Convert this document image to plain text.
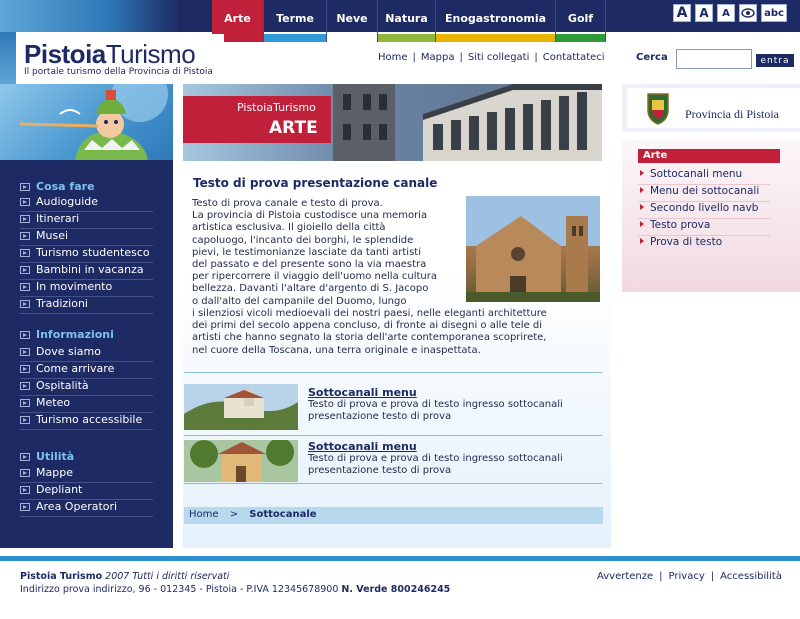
Arte	Terme	Neve	Natura	Enogastronomia	Golf	A A	A	abc
PistoiaTurismo
Il portale turismo della Provincia di Pistoia
Home | Mappa | Siti collegati | Contattateci	Cerca	entra
Cosa fare
Audioguide
Itinerari
Musei
Turismo studentesco
Bambini in vacanza
In movimento
Tradizioni
Informazioni
Dove siamo
Come arrivare
Ospitalità
Meteo
Turismo accessibile
Utilità
Mappe
Depliant
Area Operatori
PistoiaTurismo
ARTE
Testo di prova presentazione canale
Testo di prova canale e testo di prova.
La provincia di Pistoia custodisce una memoria
artistica esclusiva. Il gioiello della città
capoluogo, l'incanto dei borghi, le splendide
pievi, le testimonianze lasciate da tanti artisti
del passato e del presente sono la via maestra
per ripercorrere il viaggio dell'uomo nella cultura
bellezza. Davanti l'altare d'argento di S. Jacopo
o dall'alto del campanile del Duomo, lungo
i silenziosi vicoli medioevali dei nostri paesi, nelle eleganti architetture
dei primi del secolo appena concluso, di fronte ai disegni o alle tele di
artisti che hanno segnato la storia dell'arte contemporanea scoprirete,
nel cuore della Toscana, una terra originale e inaspettata.
Sottocanali menu
Testo di prova e prova di testo ingresso sottocanali
presentazione testo di prova
Sottocanali menu
Testo di prova e prova di testo ingresso sottocanali
presentazione testo di prova
Home > Sottocanale
Provincia di Pistoia
Arte
Sottocanali menu
Menu dei sottocanali
Secondo livello navb
Testo prova
Prova di testo
Pistoia Turismo 2007 Tutti i diritti riservati
Indirizzo prova indirizzo, 96 - 012345 - Pistoia - P.IVA 12345678900 N. Verde 800246245
Avvertenze | Privacy | Accessibilità
